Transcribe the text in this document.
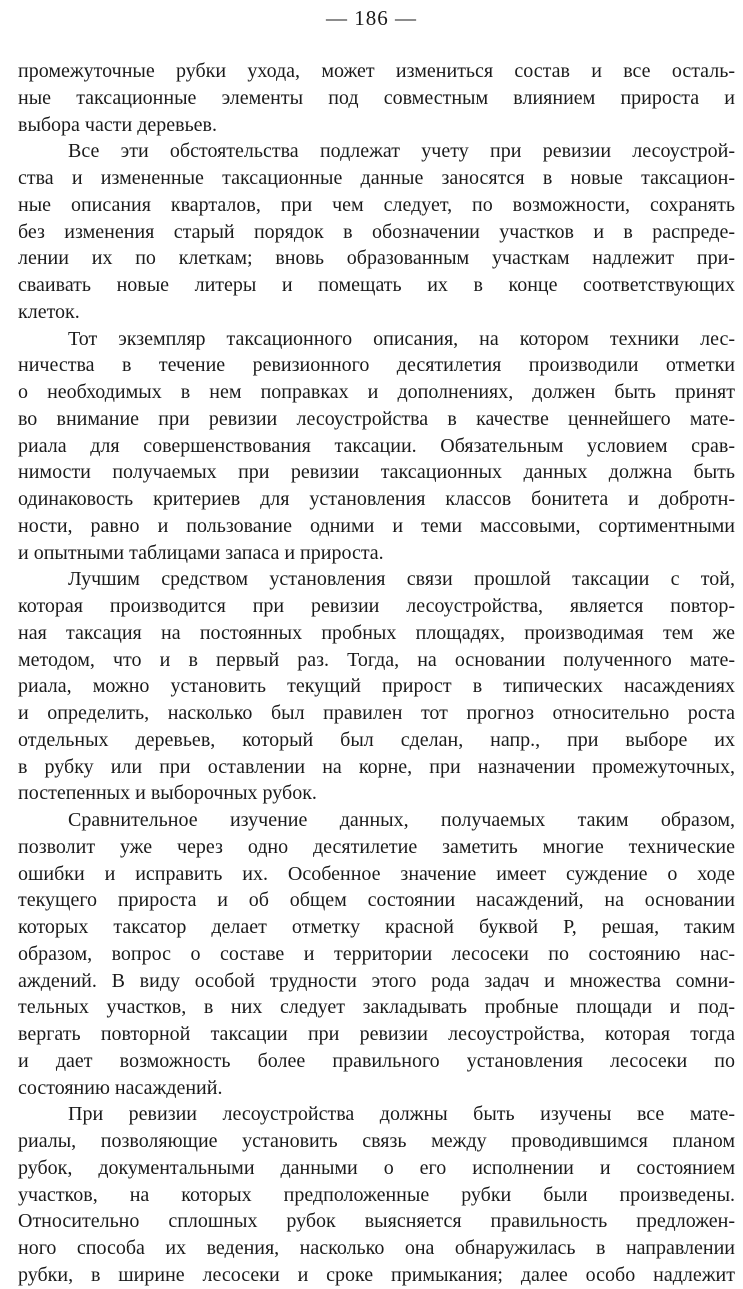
— 186 —
промежуточные рубки ухода, может измениться состав и все осталь-
ные таксационные элементы под совместным влиянием прироста и
выбора части деревьев.
Все эти обстоятельства подлежат учету при ревизии лесоустрой-
ства и измененные таксационные данные заносятся в новые таксацион-
ные описания кварталов, при чем следует, по возможности, сохранять
без изменения старый порядок в обозначении участков и в распреде-
лении их по клеткам; вновь образованным участкам надлежит при-
сваивать новые литеры и помещать их в конце соответствующих
клеток.
Тот экземпляр таксационного описания, на котором техники лес-
ничества в течение ревизионного десятилетия производили отметки
о необходимых в нем поправках и дополнениях, должен быть принят
во внимание при ревизии лесоустройства в качестве ценнейшего мате-
риала для совершенствования таксации. Обязательным условием срав-
нимости получаемых при ревизии таксационных данных должна быть
одинаковость критериев для установления классов бонитета и добротн-
ности, равно и пользование одними и теми массовыми, сортиментными
и опытными таблицами запаса и прироста.
Лучшим средством установления связи прошлой таксации с той,
которая производится при ревизии лесоустройства, является повтор-
ная таксация на постоянных пробных площадях, производимая тем же
методом, что и в первый раз. Тогда, на основании полученного мате-
риала, можно установить текущий прирост в типических насаждениях
и определить, насколько был правилен тот прогноз относительно роста
отдельных деревьев, который был сделан, напр., при выборе их
в рубку или при оставлении на корне, при назначении промежуточных,
постепенных и выборочных рубок.
Сравнительное изучение данных, получаемых таким образом,
позволит уже через одно десятилетие заметить многие технические
ошибки и исправить их. Особенное значение имеет суждение о ходе
текущего прироста и об общем состоянии насаждений, на основании
которых таксатор делает отметку красной буквой Р, решая, таким
образом, вопрос о составе и территории лесосеки по состоянию нас-
аждений. В виду особой трудности этого рода задач и множества сомни-
тельных участков, в них следует закладывать пробные площади и под-
вергать повторной таксации при ревизии лесоустройства, которая тогда
и дает возможность более правильного установления лесосеки по
состоянию насаждений.
При ревизии лесоустройства должны быть изучены все мате-
риалы, позволяющие установить связь между проводившимся планом
рубок, документальными данными о его исполнении и состоянием
участков, на которых предположенные рубки были произведены.
Относительно сплошных рубок выясняется правильность предложен-
ного способа их ведения, насколько она обнаружилась в направлении
рубки, в ширине лесосеки и сроке примыкания; далее особо надлежит
